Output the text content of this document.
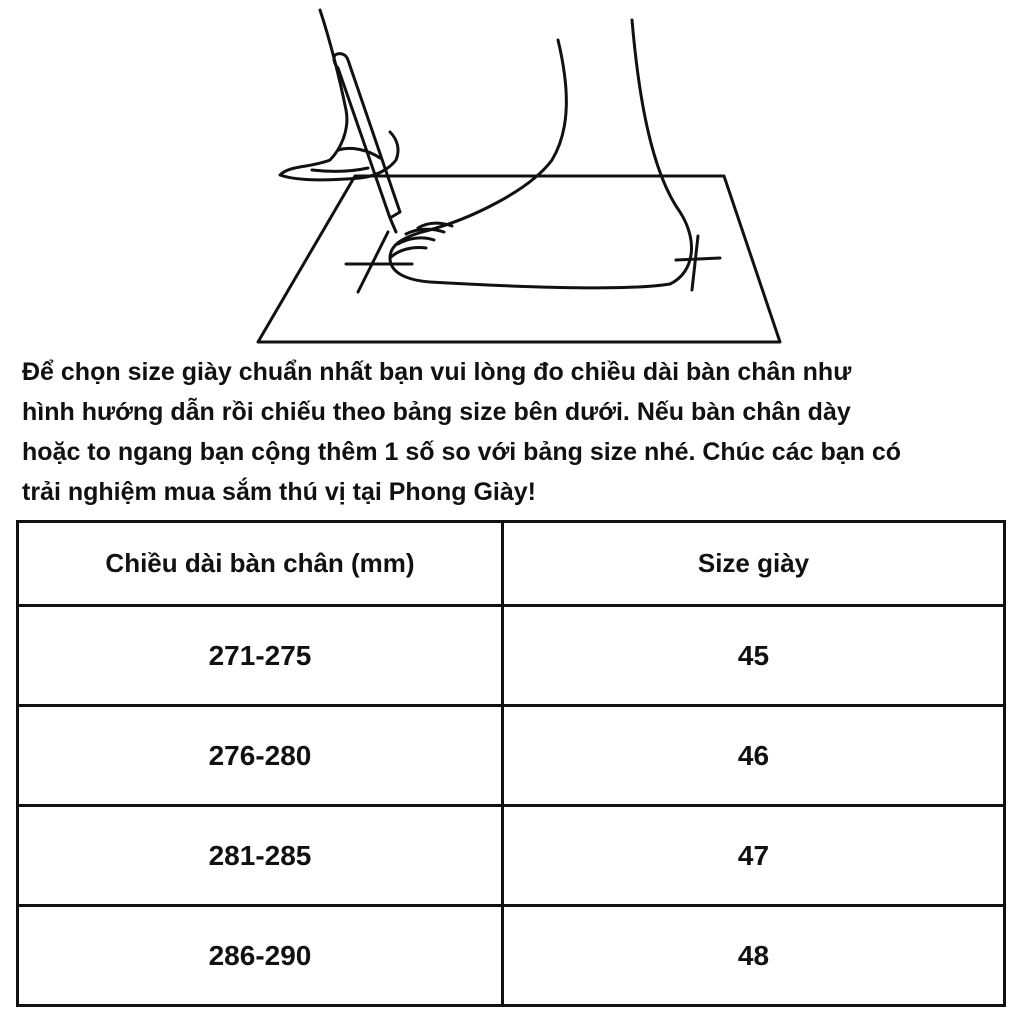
Để chọn size giày chuẩn nhất bạn vui lòng đo chiều dài bàn chân như
hình hướng dẫn rồi chiếu theo bảng size bên dưới. Nếu bàn chân dày
hoặc to ngang bạn cộng thêm 1 số so với bảng size nhé. Chúc các bạn có
trải nghiệm mua sắm thú vị tại Phong Giày!
Chiều dài bàn chân (mm)	Size giày
271-275	45
276-280	46
281-285	47
286-290	48
